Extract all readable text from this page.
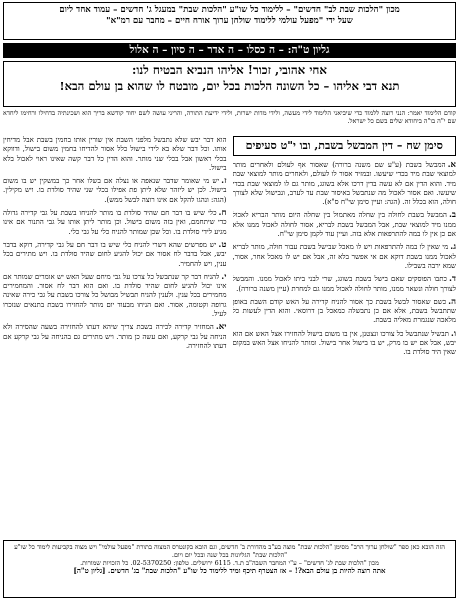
מכון "הלכות שבת לב" חדשים" – ללימוד כל שו"ע "הלכות שבת" במעגל ג' חדשים – עמוד אחד ליום
שעל ידי "מפעל עולמי ללימוד שולחן ערוך אורח חיים – מחבר עם רמ"א"
גליון ט"ה: – ה כסלו – ה אדר – ה סיון – ה אלול
אחי אהובי, זכור! אליהו הנביא הבטיח לנו:
תנא דבי אליהו – כל השונה הלכות בכל יום, מובטח לו שהוא בן עולם הבא!
קודם הלימוד יאמר: הנני רוצה ללמוד כדי שיביאני הלימוד לידי מעשה, ולידי מדות ישרות, ולידי ידיעת התורה, והריני עושה לשם יחוד קודשא בריך הוא ושכינתיה בדחילו ורחימו ליחדא שם י"ה בו"ה ביחודא שלים בשם כל ישראל.
סימן שח – דין המבשל בשבת, ובו י"ט סעיפים
א.המבשל בשבת (ע"ע שם משנה ברורה) שאסור אף לעולם ולאחרים מותר למוצאי שבת מיד בכדי שיעשו. ובמזיד אסור לו לעולם, ולאחרים מותר למוצאי שבת מיד. והוא הדין אם לא עשה בדין דרכו אלא בשוגג, מותר גם לו למוצאי שבת בכדי שיעשו. ואם אסור לאכול מה שנתבשל באיסור שבת עד לערב, ונבישול שלא לצורך חולה, הוא בכלל זה. (הגה: ועיין סימן שי"ח ס"א).
ב.המבשל בשבת לחולה בין שחלה מאתמול בין שחלה היום מותר הבריא לאכול ממנו מיד למוצאי שבת, אבל המבשל בשבת לבריא, אסור לחולה לאכול ממנו אלא אם כן אין לו במה להתרפאות אלא בזה. ועיין עוד לקמן סימן שי"ח.
ג.מי שאין לו במה להתרפאות ויש לו מאכל שבישל בשבת עבור חולה, מותר לבריא לאכול ממנו בשבת דוקא אם אי אפשר בלא זה, אבל אם יש לו מאכל אחר, אסור, שמא ירבה בשבילו.
ד.כתבו הפוסקים שאם בישל בשבת בשוגג, שרי לבני ביתו לאכול ממנו. והמבשל לצורך חולה ונשאר ממנו, מותר לחולה לאכול ממנו גם למחרת (עיין משנה ברורה).
ה.כשם שאסור לבשל בשבת כך אסור להניח קדירה על האש קודם השבת באופן שתתבשל בשבת, אלא אם כן נתבשלה כמאכל בן דרוסאי. והוא הדין לעשות כל מלאכה שנגמרת מאליה בשבת.
ו.תבשיל שנתבשל כל צורכו ונצטנן, אין בו משום בישול להחזירו אצל האש אם הוא יבש, אבל אם יש בו מרק, יש בו בישול אחר בישול. ומותר להניחו אצל האש במקום שאין היד סולדת בו.
הוא דבר יבש שלא נתבשל מלפני השבת אין שורין אותו בחמין בשבת אבל מדיחין אותו. וכל דבר שלא בא לידי בישול כלל אסור להדיחו בחמין משום בישול, ודווקא בכלי ראשון אבל בכלי שני מותר. והוא הדין כל דבר קשה שאינו ראוי לאכול בלא בישול.
ז.יש מי שאומר שדבר שנאפה או נצלה אם בשלו אחר כך במשקין יש בו משום בישול. לכן יש ליזהר שלא ליתן פת אפילו בכלי שני שהיד סולדת בו. ויש מקילין. (הגה: ונהגו להקל אם אינו רוצה לבשל ממש).
ח.כלי שיש בו דבר חם שהיד סולדת בו מותר להניחו בשבת על גבי קדירה גדולה כדי שיתחמם, ואין בזה משום בישול. וכן מותר ליתן אותו על גבי התנור אם אינו מגיע לידי סולדת בו. וכל שכן שמותר להניח כלי על גבי כלי.
ט.יש מפרשים שהא דשרי להניח כלי שיש בו דבר חם על גבי קדירה, דוקא בדבר יבש, אבל בדבר לח אסור אם יכול להגיע לחום שהיד סולדת בו. ויש מתירים בכל ענין, ויש להחמיר.
י.להניח דבר קר שנתבשל כל צרכו על גבי מיחם שעל האש יש אומרים שמותר אם אינו יכול להגיע לחום שהיד סולדת בו. ואם הוא דבר לח אסור. והמחמירים מחמירים בכל ענין. ולענין להניח תבשיל מבושל כל צורכו בשבת על גבי כירה שאינה גרופה וקטומה, אסור. ואם הניחו מבעוד יום מותר להחזירו בשבת בתנאים שנזכרו לעיל.
יא.המחזיר קדירה לכירה בשבת צריך שיהא דעתו להחזירה בשעה שהסירה ולא הניחה על גבי קרקע, ואם עשה כן מותר. ויש מתירים גם בהניחה על גבי קרקע אם דעתו להחזירה.
הזה הובא כאן ספר "שולחן ערוך הרב" מסימן "הלכות שבת" מוצה בע"ב מהדורת ב' חדשים, וגם הובא בקונטרס המצוה בתורת "מפעל עולמי" ויש מצוה בקביעות לימוד כל שו"ע "הלכות שבת" הגליונות בכל שנה ובכל יום ויום.
מכון "הלכות שבת לג' חדשים" – ע"י המחבר השבה"ב ת.ד. 6115 ירושלים. טלפון: 02-5370250. כל הזכויות שמורות.
אתה רוצה להיות בן עולם הבא?! – אז הצטרף תיכף ומיד ללימוד כל שו"ע "הלכות שבת" בג' חדשים. [גליון ט"ה]
